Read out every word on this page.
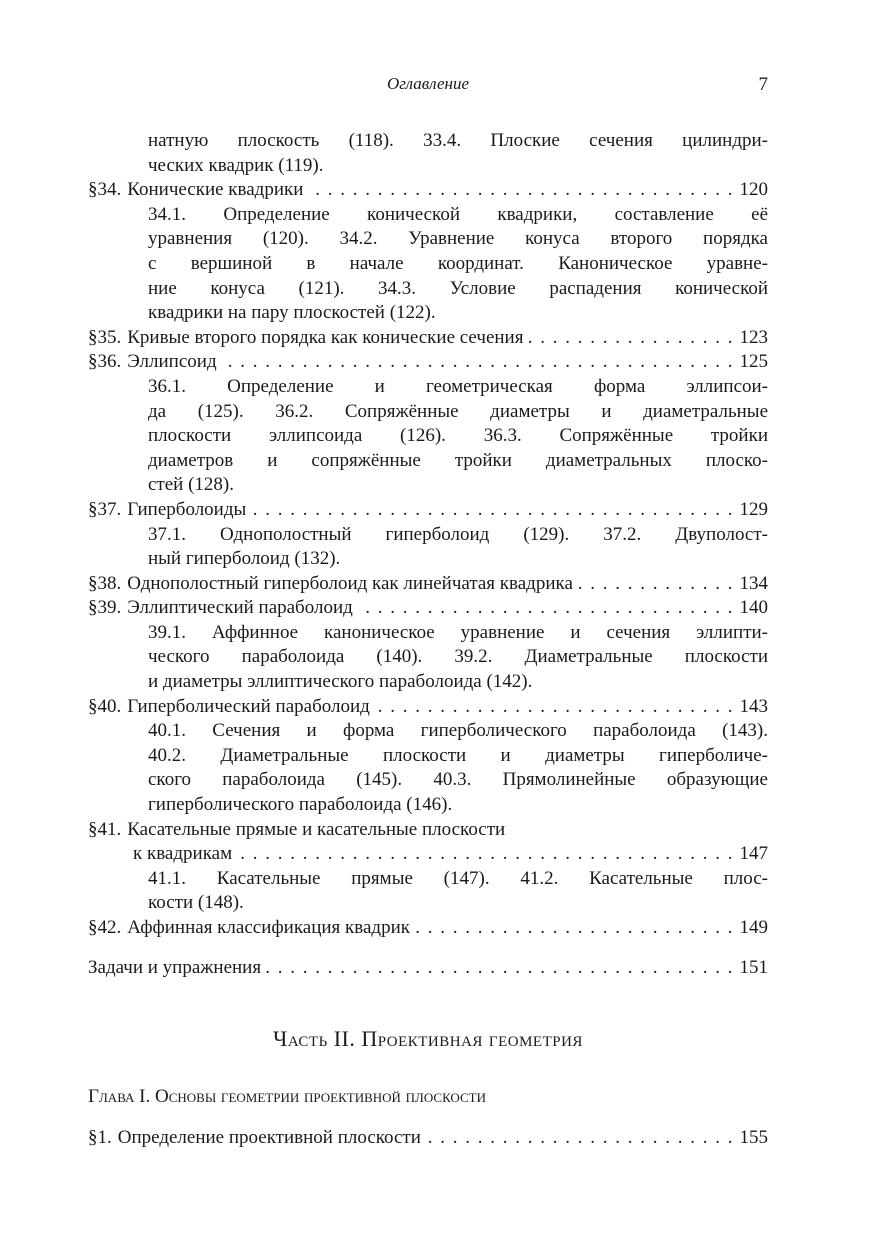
Оглавление	7
натную плоскость (118). 33.4. Плоские сечения цилиндри-
ческих квадрик (119).
§34. Конические квадрики . . .	120
34.1. Определение конической квадрики, составление её
уравнения (120). 34.2. Уравнение конуса второго порядка
с вершиной в начале координат. Каноническое уравне-
ние конуса (121). 34.3. Условие распадения конической
квадрики на пару плоскостей (122).
§35. Кривые второго порядка как конические сечения . . .	123
§36. Эллипсоид . . .	125
36.1. Определение и геометрическая форма эллипсои-
да (125). 36.2. Сопряжённые диаметры и диаметральные
плоскости эллипсоида (126). 36.3. Сопряжённые тройки
диаметров и сопряжённые тройки диаметральных плоско-
стей (128).
§37. Гиперболоиды . . .	129
37.1. Однополостный гиперболоид (129). 37.2. Двуполост-
ный гиперболоид (132).
§38. Однополостный гиперболоид как линейчатая квадрика . . .	134
§39. Эллиптический параболоид . . .	140
39.1. Аффинное каноническое уравнение и сечения эллипти-
ческого параболоида (140). 39.2. Диаметральные плоскости
и диаметры эллиптического параболоида (142).
§40. Гиперболический параболоид . . .	143
40.1. Сечения и форма гиперболического параболоида (143).
40.2. Диаметральные плоскости и диаметры гиперболиче-
ского параболоида (145). 40.3. Прямолинейные образующие
гиперболического параболоида (146).
§41. Касательные прямые и касательные плоскости
к квадрикам . . .	147
41.1. Касательные прямые (147). 41.2. Касательные плос-
кости (148).
§42. Аффинная классификация квадрик . . .	149
Задачи и упражнения . . .	151
Часть II. Проективная геометрия
Глава I. Основы геометрии проективной плоскости
§1. Определение проективной плоскости . . .	155
